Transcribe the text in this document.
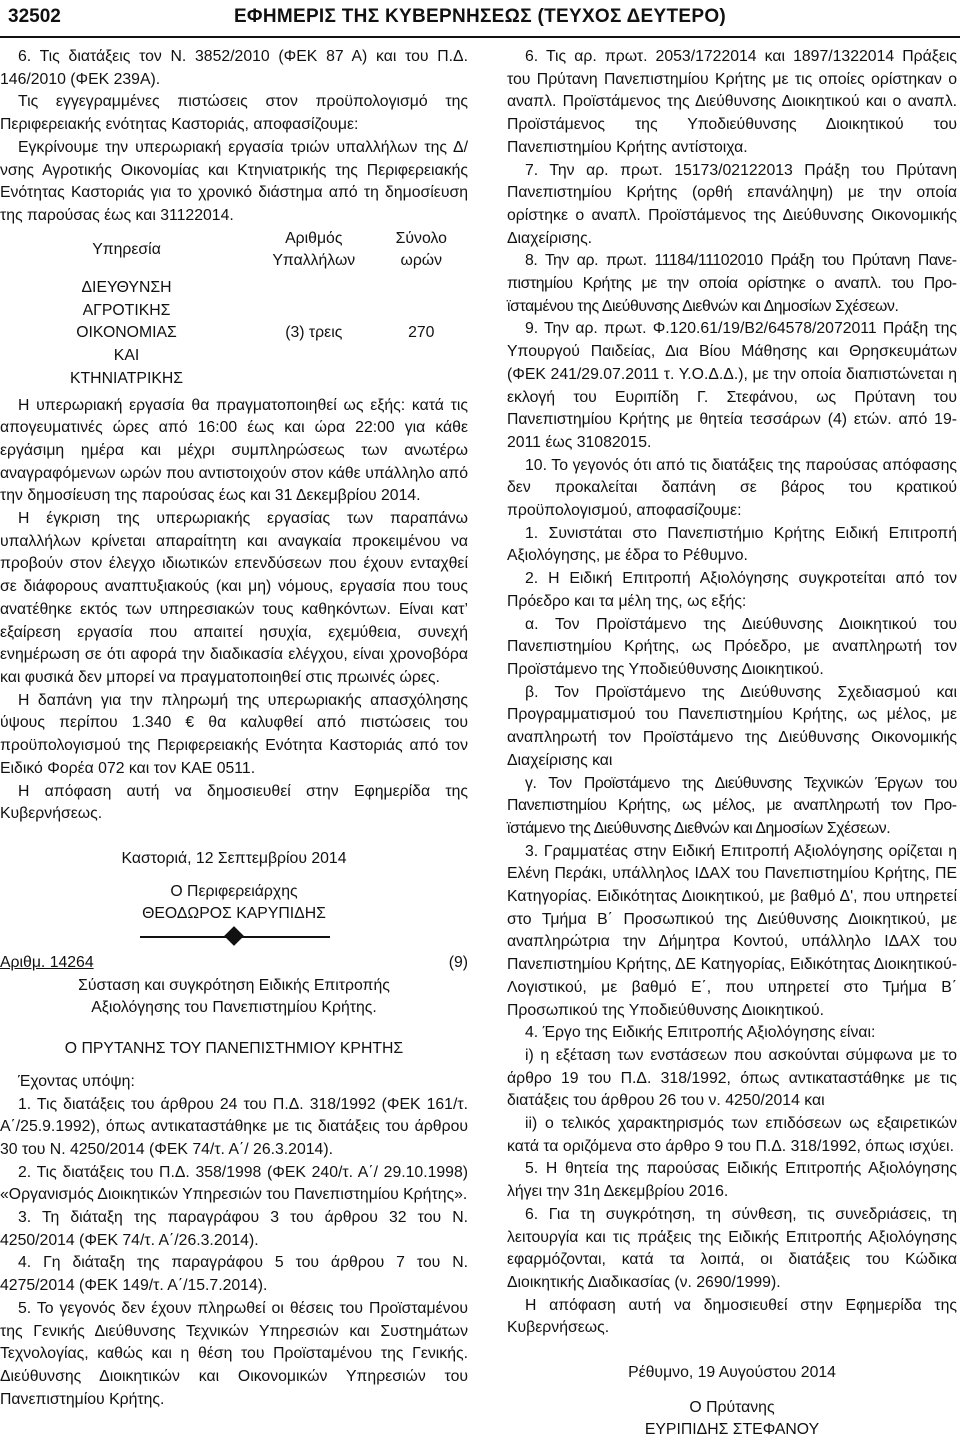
32502	ΕΦΗΜΕΡΙΣ ΤΗΣ ΚΥΒΕΡΝΗΣΕΩΣ (ΤΕΥΧΟΣ ΔΕΥΤΕΡΟ)

6. Τις διατάξεις τον Ν. 3852/2010 (ΦΕΚ 87 Α) και του Π.Δ. 146/2010 (ΦΕΚ 239Α).

Τις εγγεγραμμένες πιστώσεις στον προϋπολογισμό της Περιφερειακής ενότητας Καστοριάς, αποφασίζουμε:

Εγκρίνουμε την υπερωριακή εργασία τριών υπαλλήλων της Δ/νσης Αγροτικής Οικονομίας και Κτηνιατρικής της Περιφερειακής Ενότητας Καστοριάς για το χρονικό διάστημα από τη δημοσίευση της παρούσας έως και 31122014.

Υπηρεσία	Αριθμός Υπαλλήλων	Σύνολο ωρών
ΔΙΕΥΘΥΝΣΗ ΑΓΡΟΤΙΚΗΣ ΟΙΚΟΝΟΜΙΑΣ ΚΑΙ ΚΤΗΝΙΑΤΡΙΚΗΣ	(3) τρεις	270

Η υπερωριακή εργασία θα πραγματοποιηθεί ως εξής: κατά τις απογευματινές ώρες από 16:00 έως και ώρα 22:00 για κάθε εργάσιμη ημέρα και μέχρι συμπληρώσεως των ανωτέρω αναγραφόμενων ωρών που αντιστοιχούν στον κάθε υπάλληλο από την δημοσίευση της παρούσας έως και 31 Δεκεμβρίου 2014.

Η έγκριση της υπερωριακής εργασίας των παραπάνω υπαλλήλων κρίνεται απαραίτητη και αναγκαία προκειμένου να προβούν στον έλεγχο ιδιωτικών επενδύσεων που έχουν ενταχθεί σε διάφορους αναπτυξιακούς (και μη) νόμους, εργασία που τους ανατέθηκε εκτός των υπηρεσιακών τους καθηκόντων. Είναι κατ’ εξαίρεση εργασία που απαιτεί ησυχία, εχεμύθεια, συνεχή ενημέρωση σε ότι αφορά την διαδικασία ελέγχου, είναι χρονοβόρα και φυσικά δεν μπορεί να πραγματοποιηθεί στις πρωινές ώρες.

Η δαπάνη για την πληρωμή της υπερωριακής απασχόλησης ύψους περίπου 1.340 € θα καλυφθεί από πιστώσεις του προϋπολογισμού της Περιφερειακής Ενότητα Καστοριάς από τον Ειδικό Φορέα 072 και τον ΚΑΕ 0511.

Η απόφαση αυτή να δημοσιευθεί στην Εφημερίδα της Κυβερνήσεως.

Καστοριά, 12 Σεπτεμβρίου 2014

Ο Περιφερειάρχης

ΘΕΟΔΩΡΟΣ ΚΑΡΥΠΙΔΗΣ

Αριθμ. 14264	(9)

Σύσταση και συγκρότηση Ειδικής Επιτροπής Αξιολόγησης του Πανεπιστημίου Κρήτης.

Ο ΠΡΥΤΑΝΗΣ ΤΟΥ ΠΑΝΕΠΙΣΤΗΜΙΟΥ ΚΡΗΤΗΣ

Έχοντας υπόψη:

1. Τις διατάξεις του άρθρου 24 του Π.Δ. 318/1992 (ΦΕΚ 161/τ. Α΄/25.9.1992), όπως αντικαταστάθηκε με τις διατάξεις του άρθρου 30 του Ν. 4250/2014 (ΦΕΚ 74/τ. Α΄/ 26.3.2014).

2. Τις διατάξεις του Π.Δ. 358/1998 (ΦΕΚ 240/τ. Α΄/ 29.10.1998) «Οργανισμός Διοικητικών Υπηρεσιών του Πανεπιστημίου Κρήτης».

3. Τη διάταξη της παραγράφου 3 του άρθρου 32 του Ν. 4250/2014 (ΦΕΚ 74/τ. Α΄/26.3.2014).

4. Γη διάταξη της παραγράφου 5 του άρθρου 7 του Ν. 4275/2014 (ΦΕΚ 149/τ. Α΄/15.7.2014).

5. Το γεγονός δεν έχουν πληρωθεί οι θέσεις του Προϊσταμένου της Γενικής Διεύθυνσης Τεχνικών Υπηρεσιών και Συστημάτων Τεχνολογίας, καθώς και η θέση του Προϊσταμένου της Γενικής. Διεύθυνσης Διοικητικών και Οικονομικών Υπηρεσιών του Πανεπιστημίου Κρήτης.

6. Τις αρ. πρωτ. 2053/1722014 και 1897/1322014 Πράξεις του Πρύτανη Πανεπιστημίου Κρήτης με τις οποίες ορίστηκαν ο αναπλ. Προϊστάμενος της Διεύθυνσης Διοικητικού και ο αναπλ. Προϊστάμενος της Υποδιεύθυνσης Διοικητικού του Πανεπιστημίου Κρήτης αντίστοιχα.

7. Την αρ. πρωτ. 15173/02122013 Πράξη του Πρύτανη Πανεπιστημίου Κρήτης (ορθή επανάληψη) με την οποία ορίστηκε ο αναπλ. Προϊστάμενος της Διεύθυνσης Οικονομικής Διαχείρισης.

8. Την αρ. πρωτ. 11184/11102010 Πράξη του Πρύτανη Πανεπιστημίου Κρήτης με την οποία ορίστηκε ο αναπλ. του Προϊσταμένου της Διεύθυνσης Διεθνών και Δημοσίων Σχέσεων.

9. Την αρ. πρωτ. Φ.120.61/19/Β2/64578/2072011 Πράξη της Υπουργού Παιδείας, Δια Βίου Μάθησης και Θρησκευμάτων (ΦΕΚ 241/29.07.2011 τ. Υ.Ο.Δ.Δ.), με την οποία διαπιστώνεται η εκλογή του Ευριπίδη Γ. Στεφάνου, ως Πρύτανη του Πανεπιστημίου Κρήτης με θητεία τεσσάρων (4) ετών. από 192011 έως 31082015.

10. Το γεγονός ότι από τις διατάξεις της παρούσας απόφασης δεν προκαλείται δαπάνη σε βάρος του κρατικού προϋπολογισμού, αποφασίζουμε:

1. Συνιστάται στο Πανεπιστήμιο Κρήτης Ειδική Επιτροπή Αξιολόγησης, με έδρα το Ρέθυμνο.

2. Η Ειδική Επιτροπή Αξιολόγησης συγκροτείται από τον Πρόεδρο και τα μέλη της, ως εξής:

α. Τον Προϊστάμενο της Διεύθυνσης Διοικητικού του Πανεπιστημίου Κρήτης, ως Πρόεδρο, με αναπληρωτή τον Προϊστάμενο της Υποδιεύθυνσης Διοικητικού.

β. Τον Προϊστάμενο της Διεύθυνσης Σχεδιασμού και Προγραμματισμού του Πανεπιστημίου Κρήτης, ως μέλος, με αναπληρωτή τον Προϊστάμενο της Διεύθυνσης Οικονομικής Διαχείρισης και

γ. Τον Προϊστάμενο της Διεύθυνσης Τεχνικών Έργων του Πανεπιστημίου Κρήτης, ως μέλος, με αναπληρωτή τον Προϊστάμενο της Διεύθυνσης Διεθνών και Δημοσίων Σχέσεων.

3. Γραμματέας στην Ειδική Επιτροπή Αξιολόγησης ορίζεται η Ελένη Περάκι, υπάλληλος ΙΔΑΧ του Πανεπιστημίου Κρήτης, ΠΕ Κατηγορίας. Ειδικότητας Διοικητικού, με βαθμό Δ', που υπηρετεί στο Τμήμα Β΄ Προσωπικού της Διεύθυνσης Διοικητικού, με αναπληρώτρια την Δήμητρα Κοντού, υπάλληλο ΙΔΑΧ του Πανεπιστημίου Κρήτης, ΔΕ Κατηγορίας, Ειδικότητας ΔιοικητικούΛογιστικού, με βαθμό Ε΄, που υπηρετεί στο Τμήμα Β΄ Προσωπικού της Υποδιεύθυνσης Διοικητικού.

4. Έργο της Ειδικής Επιτροπής Αξιολόγησης είναι:

i) η εξέταση των ενστάσεων που ασκούνται σύμφωνα με το άρθρο 19 του Π.Δ. 318/1992, όπως αντικαταστάθηκε με τις διατάξεις του άρθρου 26 του ν. 4250/2014 και

ii) ο τελικός χαρακτηρισμός των επιδόσεων ως εξαιρετικών κατά τα οριζόμενα στο άρθρο 9 του Π.Δ. 318/1992, όπως ισχύει.

5. Η θητεία της παρούσας Ειδικής Επιτροπής Αξιολόγησης λήγει την 31η Δεκεμβρίου 2016.

6. Για τη συγκρότηση, τη σύνθεση, τις συνεδριάσεις, τη λειτουργία και τις πράξεις της Ειδικής Επιτροπής Αξιολόγησης εφαρμόζονται, κατά τα λοιπά, οι διατάξεις του Κώδικα Διοικητικής Διαδικασίας (ν. 2690/1999).

Η απόφαση αυτή να δημοσιευθεί στην Εφημερίδα της Κυβερνήσεως.

Ρέθυμνο, 19 Αυγούστου 2014

Ο Πρύτανης

ΕΥΡΙΠΙΔΗΣ ΣΤΕΦΑΝΟΥ
